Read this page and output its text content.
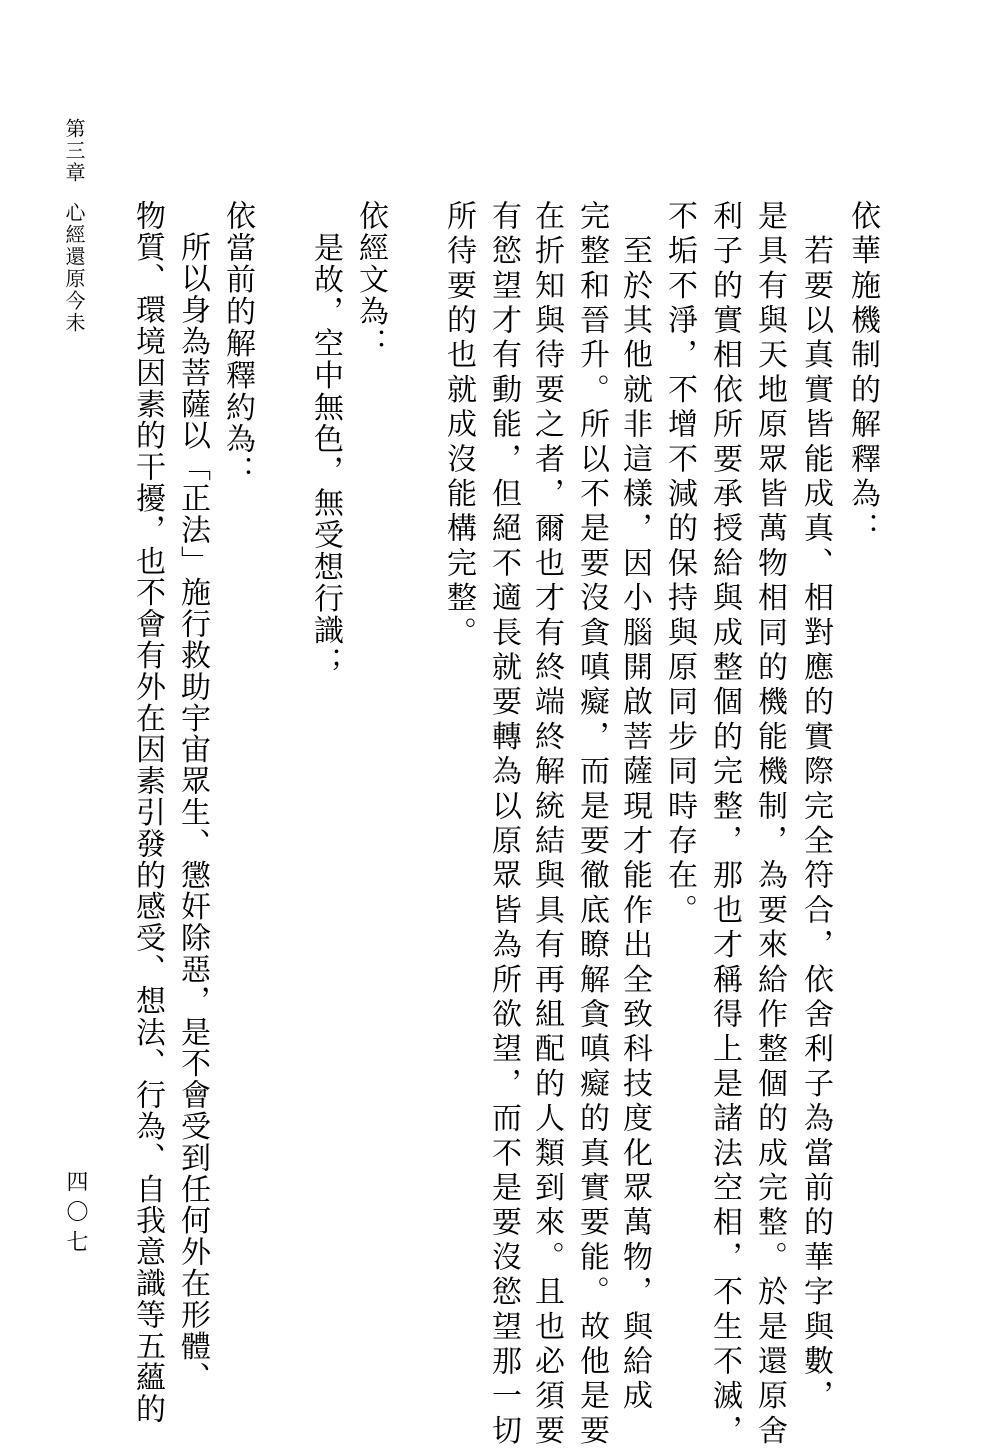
第三章心經還原今未
四〇七
依華施機制的解釋為：
　若要以真實皆能成真、相對應的實際完全符合，依舍利子為當前的華字與數，
是具有與天地原眾皆萬物相同的機能機制，為要來給作整個的成完整。於是還原舍
利子的實相依所要承授給與成整個的完整，那也才稱得上是諸法空相，不生不滅，
不垢不淨，不增不減的保持與原同步同時存在。
　至於其他就非這樣，因小腦開啟菩薩現才能作出全致科技度化眾萬物，與給成
完整和晉升。所以不是要沒貪嗔癡，而是要徹底瞭解貪嗔癡的真實要能。故他是要
在折知與待要之者，爾也才有終端終解統結與具有再組配的人類到來。且也必須要
有慾望才有動能，但絕不適長就要轉為以原眾皆為所欲望，而不是要沒慾望那一切
所待要的也就成沒能構完整。
依經文為：
　是故，空中無色，無受想行識；
依當前的解釋約為：
　所以身為菩薩以「正法」施行救助宇宙眾生、懲奸除惡，是不會受到任何外在形體、
物質、環境因素的干擾，也不會有外在因素引發的感受、想法、行為、自我意識等五蘊的
